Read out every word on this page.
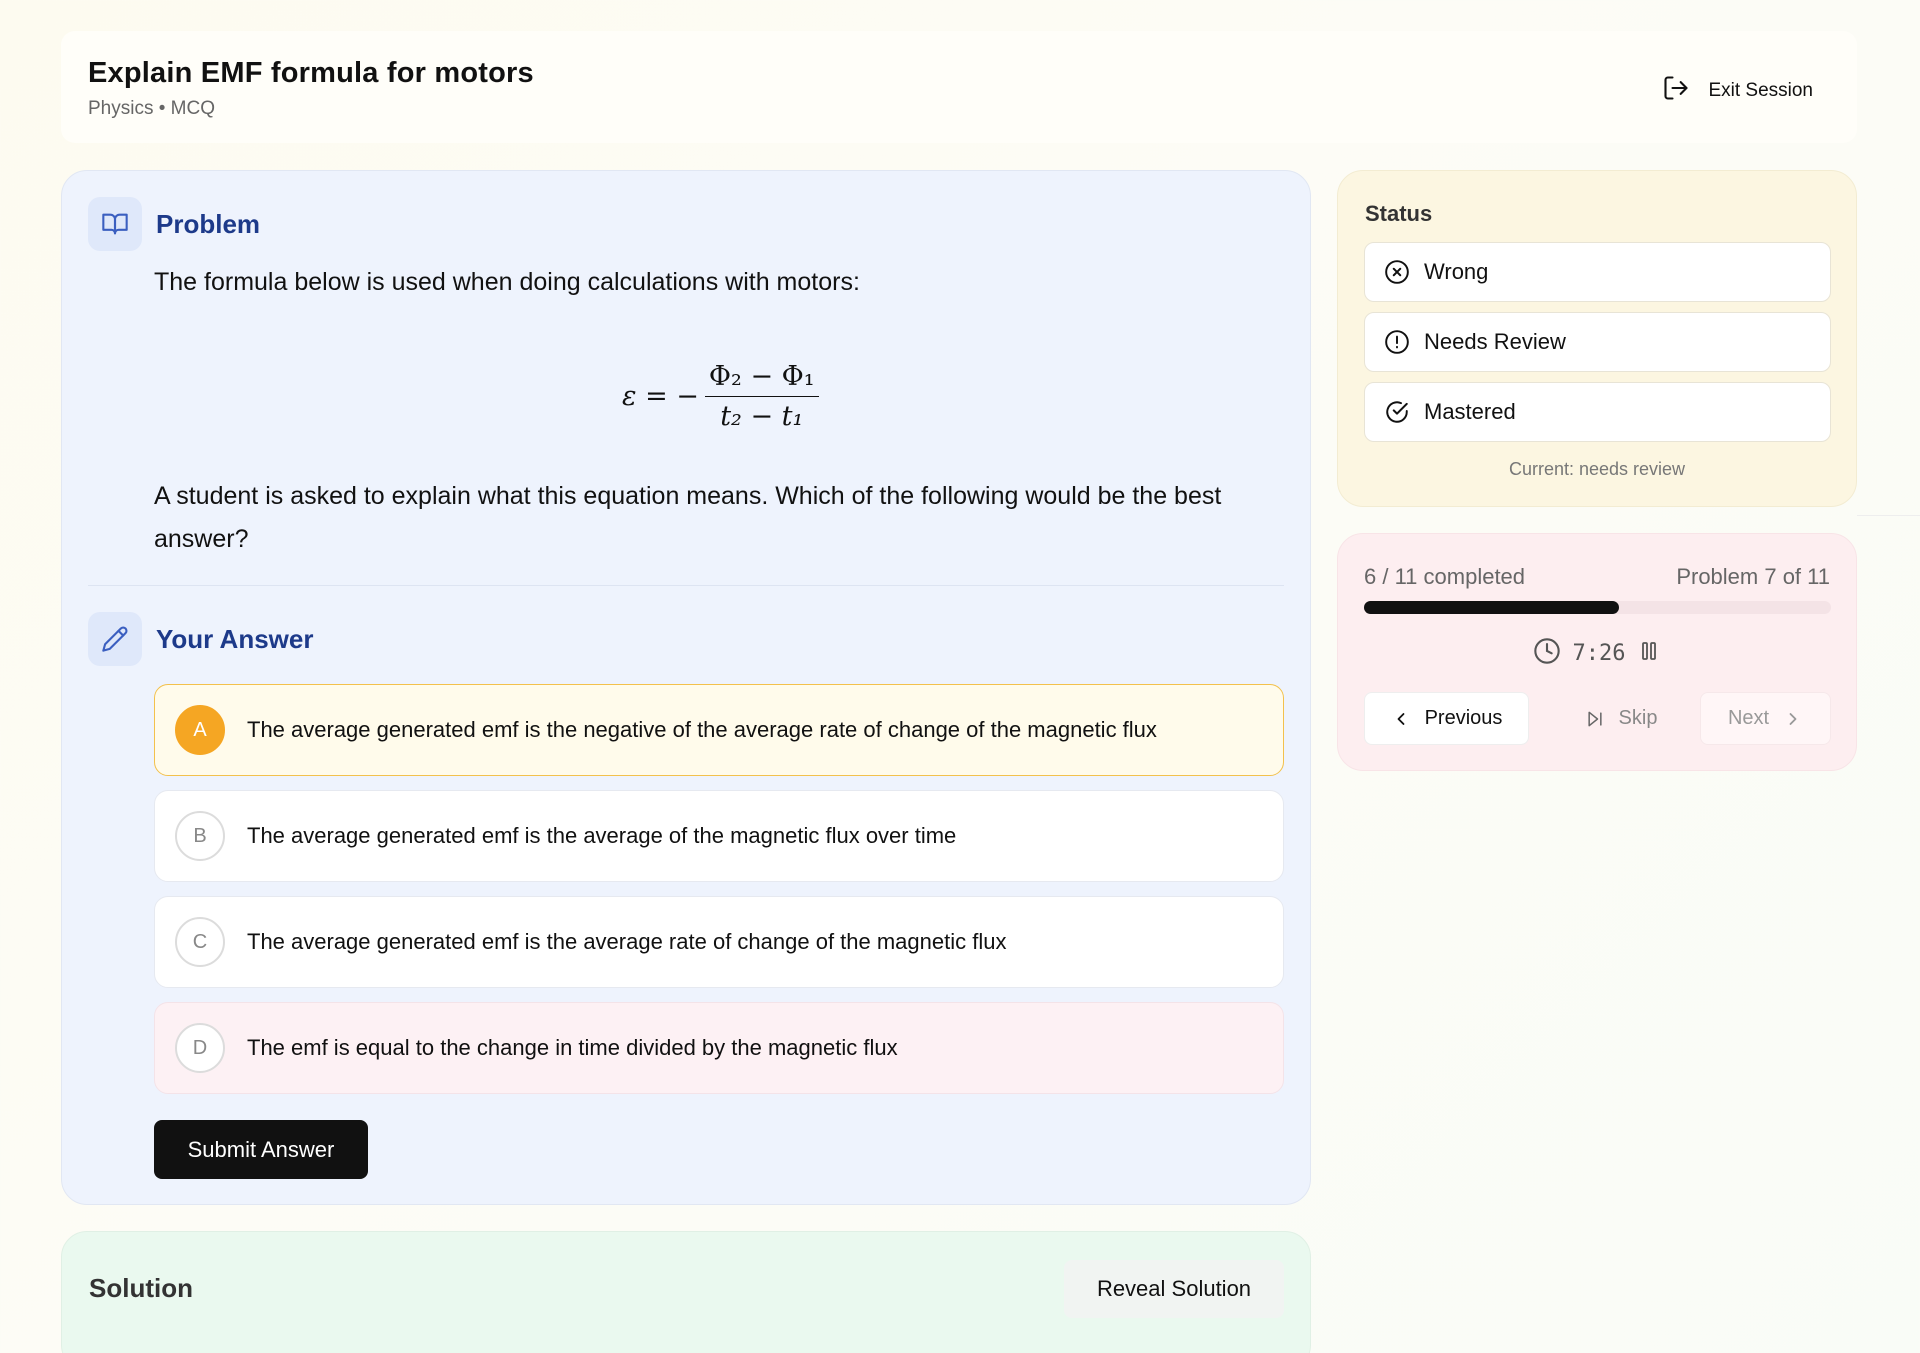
Explain EMF formula for motors
Physics • MCQ
Exit Session
Problem
The formula below is used when doing calculations with motors:
ε = − $\frac{\text{Φ₂ − Φ₁}}{\text{t₂ − t₁}}$
A student is asked to explain what this equation means. Which of the following would be the best answer?
Your Answer
A	The average generated emf is the negative of the average rate of change of the magnetic flux
B	The average generated emf is the average of the magnetic flux over time
C	The average generated emf is the average rate of change of the magnetic flux
D	The emf is equal to the change in time divided by the magnetic flux
Submit Answer
Solution	Reveal Solution
Status
Wrong
Needs Review
Mastered
Current: needs review
6 / 11 completed	Problem 7 of 11
7:26
Previous	Skip	Next
